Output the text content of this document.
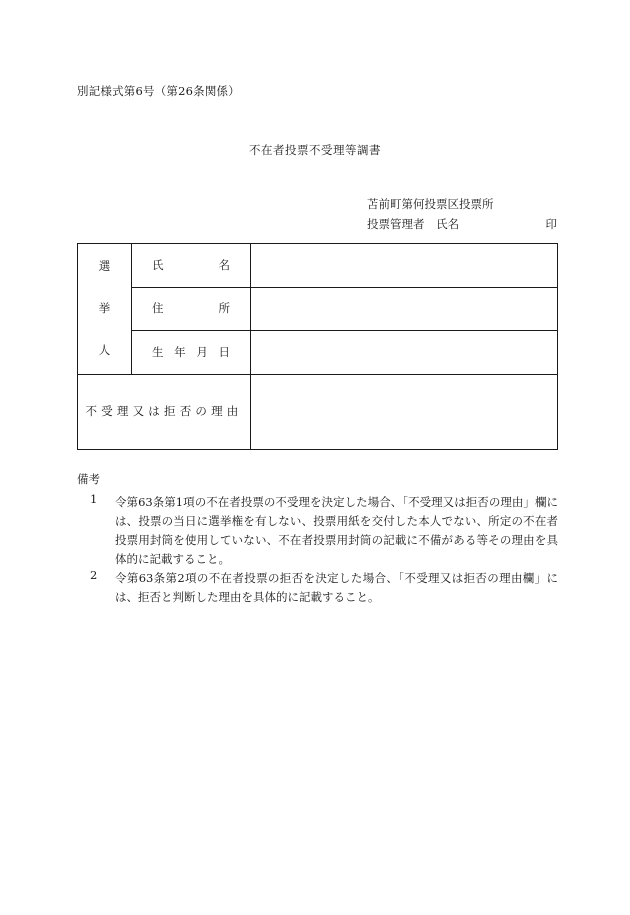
別記様式第6号（第26条関係）
不在者投票不受理等調書
苫前町第何投票区投票所
投票管理者 氏名	印
選
挙
人	氏 名	

	住 所	

	生 年 月 日	

不受理又は拒否の理由		

備考
1	令第63条第1項の不在者投票の不受理を決定した場合、「不受理又は拒否の理由」欄には、投票の当日に選挙権を有しない、投票用紙を交付した本人でない、所定の不在者投票用封筒を使用していない、不在者投票用封筒の記載に不備がある等その理由を具体的に記載すること。
2	令第63条第2項の不在者投票の拒否を決定した場合、「不受理又は拒否の理由欄」には、拒否と判断した理由を具体的に記載すること。
